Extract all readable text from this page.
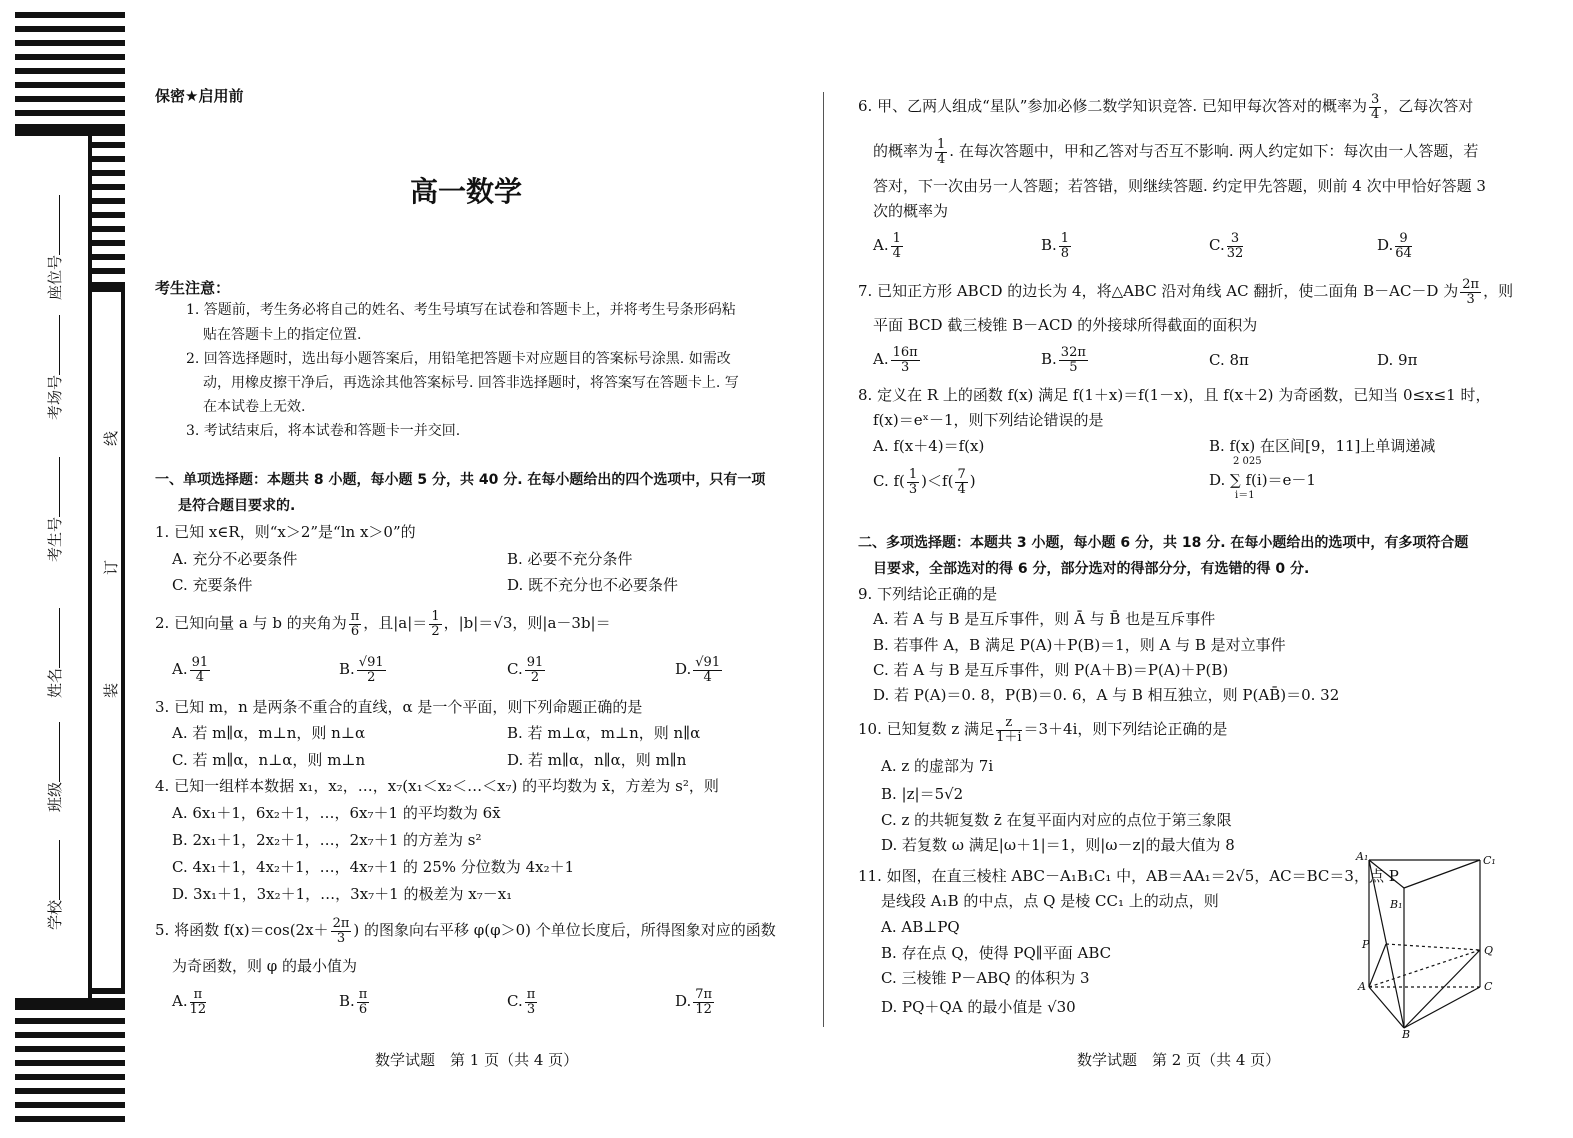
学校
班级
姓名
考生号
考场号
座位号
装
订
线
保密★启用前
高一数学
考生注意：
1. 答题前，考生务必将自己的姓名、考生号填写在试卷和答题卡上，并将考生号条形码粘
贴在答题卡上的指定位置.
2. 回答选择题时，选出每小题答案后，用铅笔把答题卡对应题目的答案标号涂黑. 如需改
动，用橡皮擦干净后，再选涂其他答案标号. 回答非选择题时，将答案写在答题卡上. 写
在本试卷上无效.
3. 考试结束后，将本试卷和答题卡一并交回.
一、单项选择题：本题共 8 小题，每小题 5 分，共 40 分. 在每小题给出的四个选项中，只有一项
是符合题目要求的.
1. 已知 x∈R，则“x＞2”是“ln x＞0”的
A. 充分不必要条件	B. 必要不充分条件
C. 充要条件	D. 既不充分也不必要条件
2. 已知向量 a 与 b 的夹角为 $\frac{\pi}{6}$ ，且$|a|= \frac{1}{2}$ ，|b|＝√3，则|a－3b|＝
A. $\frac{91}{4}$	B. $\frac{√91}{2}$	C. $\frac{91}{2}$	D. $\frac{√91}{4}$
3. 已知 m，n 是两条不重合的直线，α 是一个平面，则下列命题正确的是
A. 若 m∥α，m⊥n，则 n⊥α	B. 若 m⊥α，m⊥n，则 n∥α
C. 若 m∥α，n⊥α，则 m⊥n	D. 若 m∥α，n∥α，则 m∥n
4. 已知一组样本数据 x₁，x₂，…，x₇(x₁＜x₂＜…＜x₇) 的平均数为 x̄，方差为 s²，则
A. 6x₁＋1，6x₂＋1，…，6x₇＋1 的平均数为 6x̄
B. 2x₁＋1，2x₂＋1，…，2x₇＋1 的方差为 s²
C. 4x₁＋1，4x₂＋1，…，4x₇＋1 的 25% 分位数为 4x₂＋1
D. 3x₁＋1，3x₂＋1，…，3x₇＋1 的极差为 x₇－x₁
5. 将函数 $f(x)=\cos(2x+ \frac{2\pi}{3}$ ) 的图象向右平移 φ(φ＞0) 个单位长度后，所得图象对应的函数
为奇函数，则 φ 的最小值为
A. $\frac{\pi}{12}$	B. $\frac{\pi}{6}$	C. $\frac{\pi}{3}$	D. $\frac{7\pi}{12}$
数学试题　第 1 页（共 4 页）
6. 甲、乙两人组成“星队”参加必修二数学知识竞答. 已知甲每次答对的概率为 $\frac{3}{4}$ ，乙每次答对
的概率为 $\frac{1}{4}$ . 在每次答题中，甲和乙答对与否互不影响. 两人约定如下：每次由一人答题，若
答对，下一次由另一人答题；若答错，则继续答题. 约定甲先答题，则前 4 次中甲恰好答题 3
次的概率为
A. $\frac{1}{4}$	B. $\frac{1}{8}$	C. $\frac{3}{32}$	D. $\frac{9}{64}$
7. 已知正方形 ABCD 的边长为 4，将△ABC 沿对角线 AC 翻折，使二面角 B－AC－D 为 $\frac{2\pi}{3}$ ，则
平面 BCD 截三棱锥 B－ACD 的外接球所得截面的面积为
A. $\frac{16\pi}{3}$	B. $\frac{32\pi}{5}$	C. 8π	D. 9π
8. 定义在 R 上的函数 f(x) 满足 f(1＋x)＝f(1－x)，且 f(x＋2) 为奇函数，已知当 0≤x≤1 时，
f(x)＝eˣ－1，则下列结论错误的是
A. f(x＋4)＝f(x)	B. f(x) 在区间[9，11]上单调递减
C. $f( \frac{1}{3} )<f( \frac{7}{4}$ )
2 025
D. ∑ f(i)＝e－1
i＝1
二、多项选择题：本题共 3 小题，每小题 6 分，共 18 分. 在每小题给出的选项中，有多项符合题
目要求，全部选对的得 6 分，部分选对的得部分分，有选错的得 0 分.
9. 下列结论正确的是
A. 若 A 与 B 是互斥事件，则 Ā 与 B̄ 也是互斥事件
B. 若事件 A，B 满足 P(A)＋P(B)＝1，则 A 与 B 是对立事件
C. 若 A 与 B 是互斥事件，则 P(A＋B)＝P(A)＋P(B)
D. 若 P(A)＝0. 8，P(B)＝0. 6，A 与 B 相互独立，则 P(AB̄)＝0. 32
10. 已知复数 z 满足 $\frac{z}{1+i} =3+4i$，则下列结论正确的是
A. z 的虚部为 7i
B. |z|＝5√2
C. z 的共轭复数 z̄ 在复平面内对应的点位于第三象限
D. 若复数 ω 满足|ω＋1|＝1，则|ω－z|的最大值为 8
11. 如图，在直三棱柱 ABC－A₁B₁C₁ 中，AB＝AA₁＝2√5，AC＝BC＝3，点 P
是线段 A₁B 的中点，点 Q 是棱 CC₁ 上的动点，则
A. AB⊥PQ
B. 存在点 Q，使得 PQ∥平面 ABC
C. 三棱锥 P－ABQ 的体积为 3
D. PQ＋QA 的最小值是 √30
A₁	C₁
B₁
P	Q
A	C
B
数学试题　第 2 页（共 4 页）
